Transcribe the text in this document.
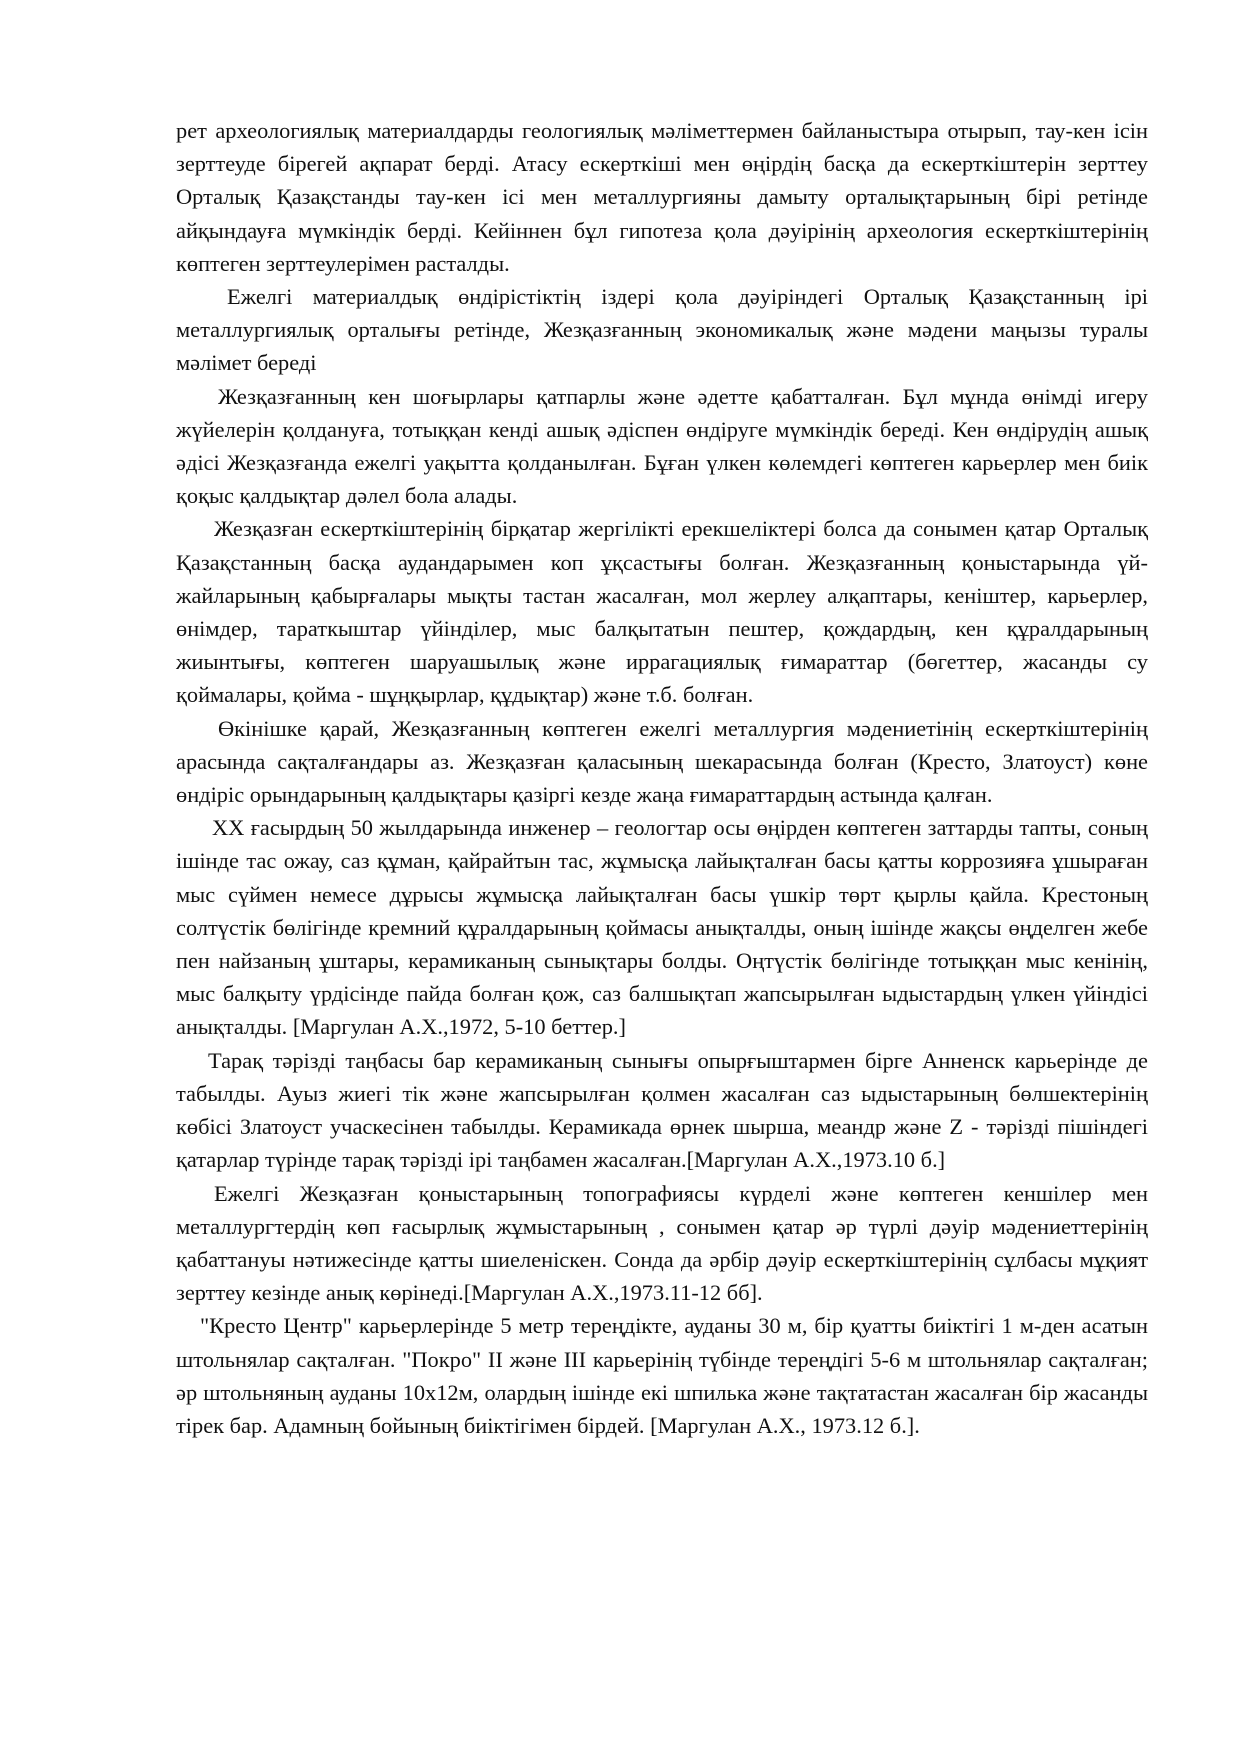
рет археологиялық материалдарды геологиялық мәліметтермен байланыстыра отырып, тау-кен ісін зерттеуде бірегей ақпарат берді. Атасу ескерткіші мен өңірдің басқа да ескерткіштерін зерттеу Орталық Қазақстанды тау-кен ісі мен металлургияны дамыту орталықтарының бірі ретінде айқындауға мүмкіндік берді. Кейіннен бұл гипотеза қола дәуірінің археология ескерткіштерінің көптеген зерттеулерімен расталды.

Ежелгі материалдық өндірістіктің іздері қола дәуіріндегі Орталық Қазақстанның ірі металлургиялық орталығы ретінде, Жезқазғанның экономикалық және мәдени маңызы туралы мәлімет береді

Жезқазғанның кен шоғырлары қатпарлы және әдетте қабатталған. Бұл мұнда өнімді игеру жүйелерін қолдануға, тотыққан кенді ашық әдіспен өндіруге мүмкіндік береді. Кен өндірудің ашық әдісі Жезқазғанда ежелгі уақытта қолданылған. Бұған үлкен көлемдегі көптеген карьерлер мен биік қоқыс қалдықтар дәлел бола алады.

Жезқазған ескерткіштерінің бірқатар жергілікті ерекшеліктері болса да сонымен қатар Орталық Қазақстанның басқа аудандарымен коп ұқсастығы болған. Жезқазғанның қоныстарында үй-жайларының қабырғалары мықты тастан жасалған, мол жерлеу алқаптары, кеніштер, карьерлер, өнімдер, тараткыштар үйінділер, мыс балқытатын пештер, қождардың, кен құралдарының жиынтығы, көптеген шаруашылық және иррагациялық ғимараттар (бөгеттер, жасанды су қоймалары, қойма - шұңқырлар, құдықтар) және т.б. болған.

Өкінішке қарай, Жезқазғанның көптеген ежелгі металлургия мәдениетінің ескерткіштерінің арасында сақталғандары аз. Жезқазған қаласының шекарасында болған (Кресто, Златоуст) көне өндіріс орындарының қалдықтары қазіргі кезде жаңа ғимараттардың астында қалған.

XX ғасырдың 50 жылдарында инженер – геологтар осы өңірден көптеген заттарды тапты, соның ішінде тас ожау, саз құман, қайрайтын тас, жұмысқа лайықталған басы қатты коррозияға ұшыраған мыс сүймен немесе дұрысы жұмысқа лайықталған басы үшкір төрт қырлы қайла. Крестоның солтүстік бөлігінде кремний құралдарының қоймасы анықталды, оның ішінде жақсы өңделген жебе пен найзаның ұштары, керамиканың сынықтары болды. Оңтүстік бөлігінде тотыққан мыс кенінің, мыс балқыту үрдісінде пайда болған қож, саз балшықтап жапсырылған ыдыстардың үлкен үйіндісі анықталды. [Маргулан А.Х.,1972, 5-10 беттер.]

Тарақ тәрізді таңбасы бар керамиканың сынығы опырғыштармен бірге Анненск карьерінде де табылды. Ауыз жиегі тік және жапсырылған қолмен жасалған саз ыдыстарының бөлшектерінің көбісі Златоуст учаскесінен табылды. Керамикада өрнек шырша, меандр және Z - тәрізді пішіндегі қатарлар түрінде тарақ тәрізді ірі таңбамен жасалған.[Маргулан А.Х.,1973.10 б.]

Ежелгі Жезқазған қоныстарының топографиясы күрделі және көптеген кеншілер мен металлургтердің көп ғасырлық жұмыстарының , сонымен қатар әр түрлі дәуір мәдениеттерінің қабаттануы нәтижесінде қатты шиеленіскен. Сонда да әрбір дәуір ескерткіштерінің сұлбасы мұқият зерттеу кезінде анық көрінеді.[Маргулан А.Х.,1973.11-12 бб].

"Кресто Центр" карьерлерінде 5 метр тереңдікте, ауданы 30 м, бір қуатты биіктігі 1 м-ден асатын штольнялар сақталған. "Покро" II және III карьерінің түбінде тереңдігі 5-6 м штольнялар сақталған; әр штольняның ауданы 10х12м, олардың ішінде екі шпилька және тақтатастан жасалған бір жасанды тірек бар. Адамның бойының биіктігімен бірдей. [Маргулан А.Х., 1973.12 б.].
